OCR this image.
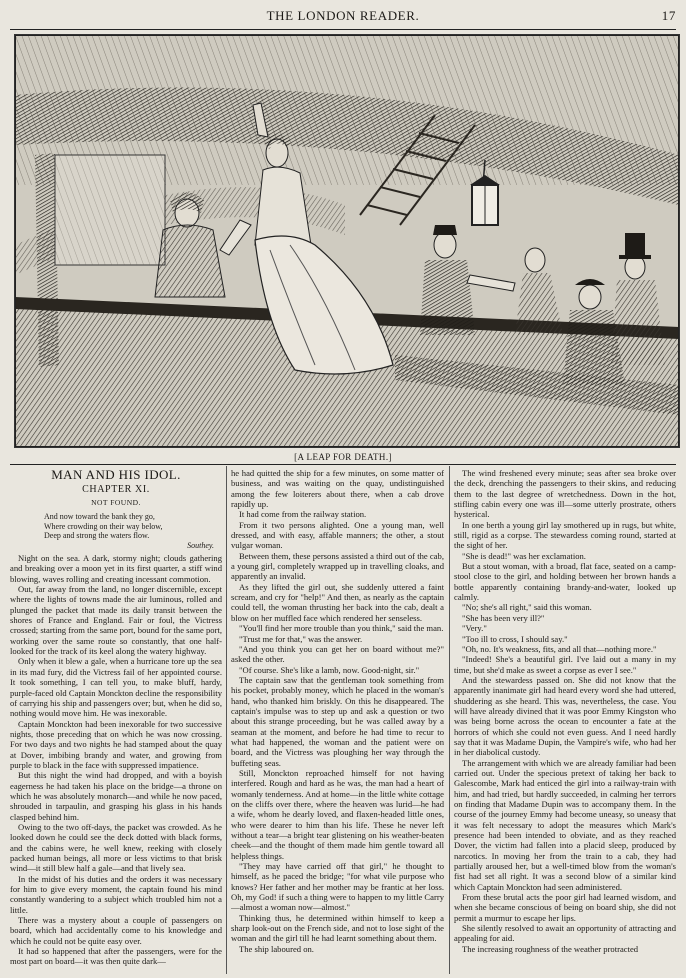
THE LONDON READER.	17
[A LEAP FOR DEATH.]
MAN AND HIS IDOL.
CHAPTER XI.
NOT FOUND.
And now toward the bank they go,
Where crowding on their way below,
Deep and strong the waters flow.
Southey.

Night on the sea. A dark, stormy night; clouds gathering and breaking over a moon yet in its first quarter, a stiff wind blowing, waves rolling and creating incessant commotion.

Out, far away from the land, no longer discernible, except where the lights of towns made the air luminous, rolled and plunged the packet that made its daily transit between the shores of France and England. Fair or foul, the Victress crossed; starting from the same port, bound for the same port, working over the same route so constantly, that one half-looked for the track of its keel along the watery highway.

Only when it blew a gale, when a hurricane tore up the sea in its mad fury, did the Victress fail of her appointed course. It took something, I can tell you, to make bluff, hardy, purple-faced old Captain Monckton decline the responsibility of carrying his ship and passengers over; but, when he did so, nothing would move him. He was inexorable.

Captain Monckton had been inexorable for two successive nights, those preceding that on which he was now crossing. For two days and two nights he had stamped about the quay at Dover, imbibing brandy and water, and growing from purple to black in the face with suppressed impatience.

But this night the wind had dropped, and with a boyish eagerness he had taken his place on the bridge—a throne on which he was absolutely monarch—and while he now paced, shrouded in tarpaulin, and grasping his glass in his hands clasped behind him.

Owing to the two off-days, the packet was crowded. As he looked down he could see the deck dotted with black forms, and the cabins were, he well knew, reeking with closely packed human beings, all more or less victims to that brisk wind—it still blew half a gale—and that lively sea.

In the midst of his duties and the orders it was necessary for him to give every moment, the captain found his mind constantly wandering to a subject which troubled him not a little.

There was a mystery about a couple of passengers on board, which had accidentally come to his knowledge and which he could not be quite easy over.

It had so happened that after the passengers, were for the most part on board—it was then quite dark—

he had quitted the ship for a few minutes, on some matter of business, and was waiting on the quay, undistinguished among the few loiterers about there, when a cab drove rapidly up.

It had come from the railway station.

From it two persons alighted. One a young man, well dressed, and with easy, affable manners; the other, a stout vulgar woman.

Between them, these persons assisted a third out of the cab, a young girl, completely wrapped up in travelling cloaks, and apparently an invalid.

As they lifted the girl out, she suddenly uttered a faint scream, and cry for "help!" And then, as nearly as the captain could tell, the woman thrusting her back into the cab, dealt a blow on her muffled face which rendered her senseless.

"You'll find her more trouble than you think," said the man.

"Trust me for that," was the answer.

"And you think you can get her on board without me?" asked the other.

"Of course. She's like a lamb, now. Good-night, sir."

The captain saw that the gentleman took something from his pocket, probably money, which he placed in the woman's hand, who thanked him briskly. On this he disappeared. The captain's impulse was to step up and ask a question or two about this strange proceeding, but he was called away by a seaman at the moment, and before he had time to recur to what had happened, the woman and the patient were on board, and the Victress was ploughing her way through the buffeting seas.

Still, Monckton reproached himself for not having interfered. Rough and hard as he was, the man had a heart of womanly tenderness. And at home—in the little white cottage on the cliffs over there, where the heaven was lurid—he had a wife, whom he dearly loved, and flaxen-headed little ones, who were dearer to him than his life. These he never left without a tear—a bright tear glistening on his weather-beaten cheek—and the thought of them made him gentle toward all helpless things.

"They may have carried off that girl," he thought to himself, as he paced the bridge; "for what vile purpose who knows? Her father and her mother may be frantic at her loss. Oh, my God! if such a thing were to happen to my little Carry—almost a woman now—almost."

Thinking thus, he determined within himself to keep a sharp look-out on the French side, and not to lose sight of the woman and the girl till he had learnt something about them.

The ship laboured on.

The wind freshened every minute; seas after sea broke over the deck, drenching the passengers to their skins, and reducing them to the last degree of wretchedness. Down in the hot, stifling cabin every one was ill—some utterly prostrate, others hysterical.

In one berth a young girl lay smothered up in rugs, but white, still, rigid as a corpse. The stewardess coming round, started at the sight of her.

"She is dead!" was her exclamation.

But a stout woman, with a broad, flat face, seated on a camp-stool close to the girl, and holding between her brown hands a bottle apparently containing brandy-and-water, looked up calmly.

"No; she's all right," said this woman.

"She has been very ill?"

"Very."

"Too ill to cross, I should say."

"Oh, no. It's weakness, fits, and all that—nothing more."

"Indeed! She's a beautiful girl. I've laid out a many in my time, but she'd make as sweet a corpse as ever I see."

And the stewardess passed on. She did not know that the apparently inanimate girl had heard every word she had uttered, shuddering as she heard. This was, nevertheless, the case. You will have already divined that it was poor Emmy Kingston who was being borne across the ocean to encounter a fate at the horrors of which she could not even guess. And I need hardly say that it was Madame Dupin, the Vampire's wife, who had her in her diabolical custody.

The arrangement with which we are already familiar had been carried out. Under the specious pretext of taking her back to Galescombe, Mark had enticed the girl into a railway-train with him, and had tried, but hardly succeeded, in calming her terrors on finding that Madame Dupin was to accompany them. In the course of the journey Emmy had become uneasy, so uneasy that it was felt necessary to adopt the measures which Mark's presence had been intended to obviate, and as they reached Dover, the victim had fallen into a placid sleep, produced by narcotics. In moving her from the train to a cab, they had partially aroused her, but a well-timed blow from the woman's fist had set all right. It was a second blow of a similar kind which Captain Monckton had seen administered.

From these brutal acts the poor girl had learned wisdom, and when she became conscious of being on board ship, she did not permit a murmur to escape her lips.

She silently resolved to await an opportunity of attracting and appealing for aid.

The increasing roughness of the weather protracted
